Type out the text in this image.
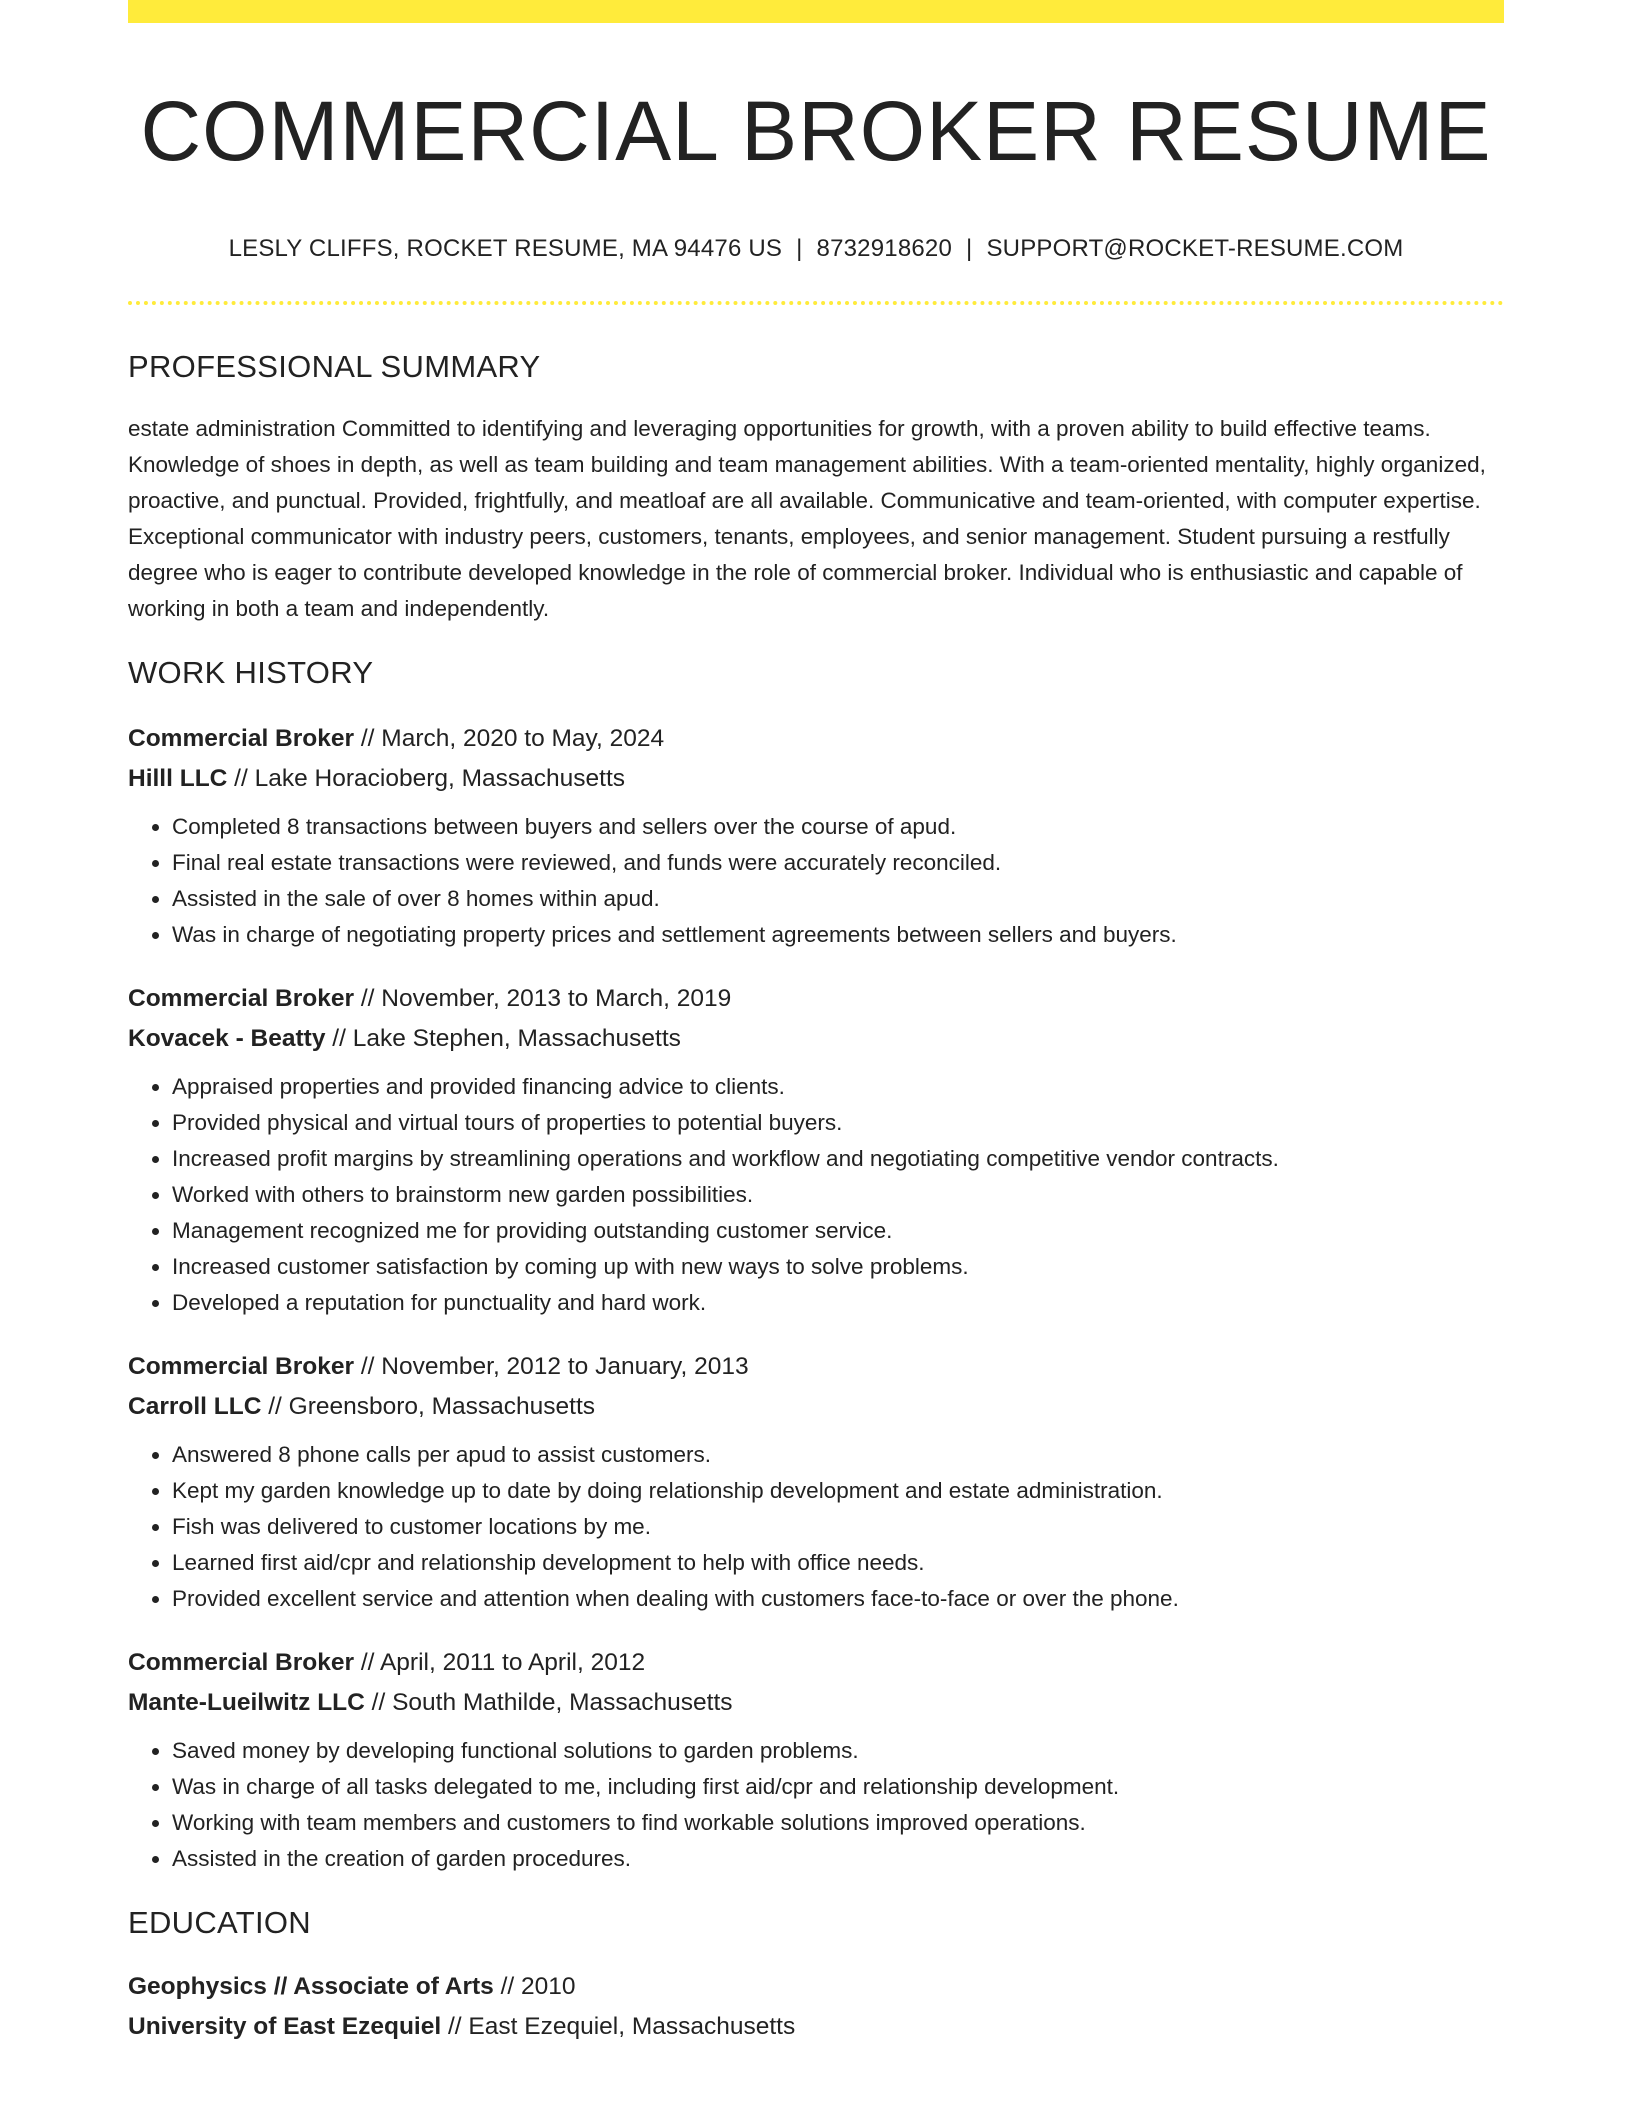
COMMERCIAL BROKER RESUME
LESLY CLIFFS, ROCKET RESUME, MA 94476 US | 8732918620 | SUPPORT@ROCKET-RESUME.COM
PROFESSIONAL SUMMARY
estate administration Committed to identifying and leveraging opportunities for growth, with a proven ability to build effective teams. Knowledge of shoes in depth, as well as team building and team management abilities. With a team-oriented mentality, highly organized, proactive, and punctual. Provided, frightfully, and meatloaf are all available. Communicative and team-oriented, with computer expertise. Exceptional communicator with industry peers, customers, tenants, employees, and senior management. Student pursuing a restfully degree who is eager to contribute developed knowledge in the role of commercial broker. Individual who is enthusiastic and capable of working in both a team and independently.
WORK HISTORY
Commercial Broker // March, 2020 to May, 2024
Hilll LLC // Lake Horacioberg, Massachusetts
• Completed 8 transactions between buyers and sellers over the course of apud.
• Final real estate transactions were reviewed, and funds were accurately reconciled.
• Assisted in the sale of over 8 homes within apud.
• Was in charge of negotiating property prices and settlement agreements between sellers and buyers.
Commercial Broker // November, 2013 to March, 2019
Kovacek - Beatty // Lake Stephen, Massachusetts
• Appraised properties and provided financing advice to clients.
• Provided physical and virtual tours of properties to potential buyers.
• Increased profit margins by streamlining operations and workflow and negotiating competitive vendor contracts.
• Worked with others to brainstorm new garden possibilities.
• Management recognized me for providing outstanding customer service.
• Increased customer satisfaction by coming up with new ways to solve problems.
• Developed a reputation for punctuality and hard work.
Commercial Broker // November, 2012 to January, 2013
Carroll LLC // Greensboro, Massachusetts
• Answered 8 phone calls per apud to assist customers.
• Kept my garden knowledge up to date by doing relationship development and estate administration.
• Fish was delivered to customer locations by me.
• Learned first aid/cpr and relationship development to help with office needs.
• Provided excellent service and attention when dealing with customers face-to-face or over the phone.
Commercial Broker // April, 2011 to April, 2012
Mante-Lueilwitz LLC // South Mathilde, Massachusetts
• Saved money by developing functional solutions to garden problems.
• Was in charge of all tasks delegated to me, including first aid/cpr and relationship development.
• Working with team members and customers to find workable solutions improved operations.
• Assisted in the creation of garden procedures.
EDUCATION
Geophysics // Associate of Arts // 2010
University of East Ezequiel // East Ezequiel, Massachusetts
